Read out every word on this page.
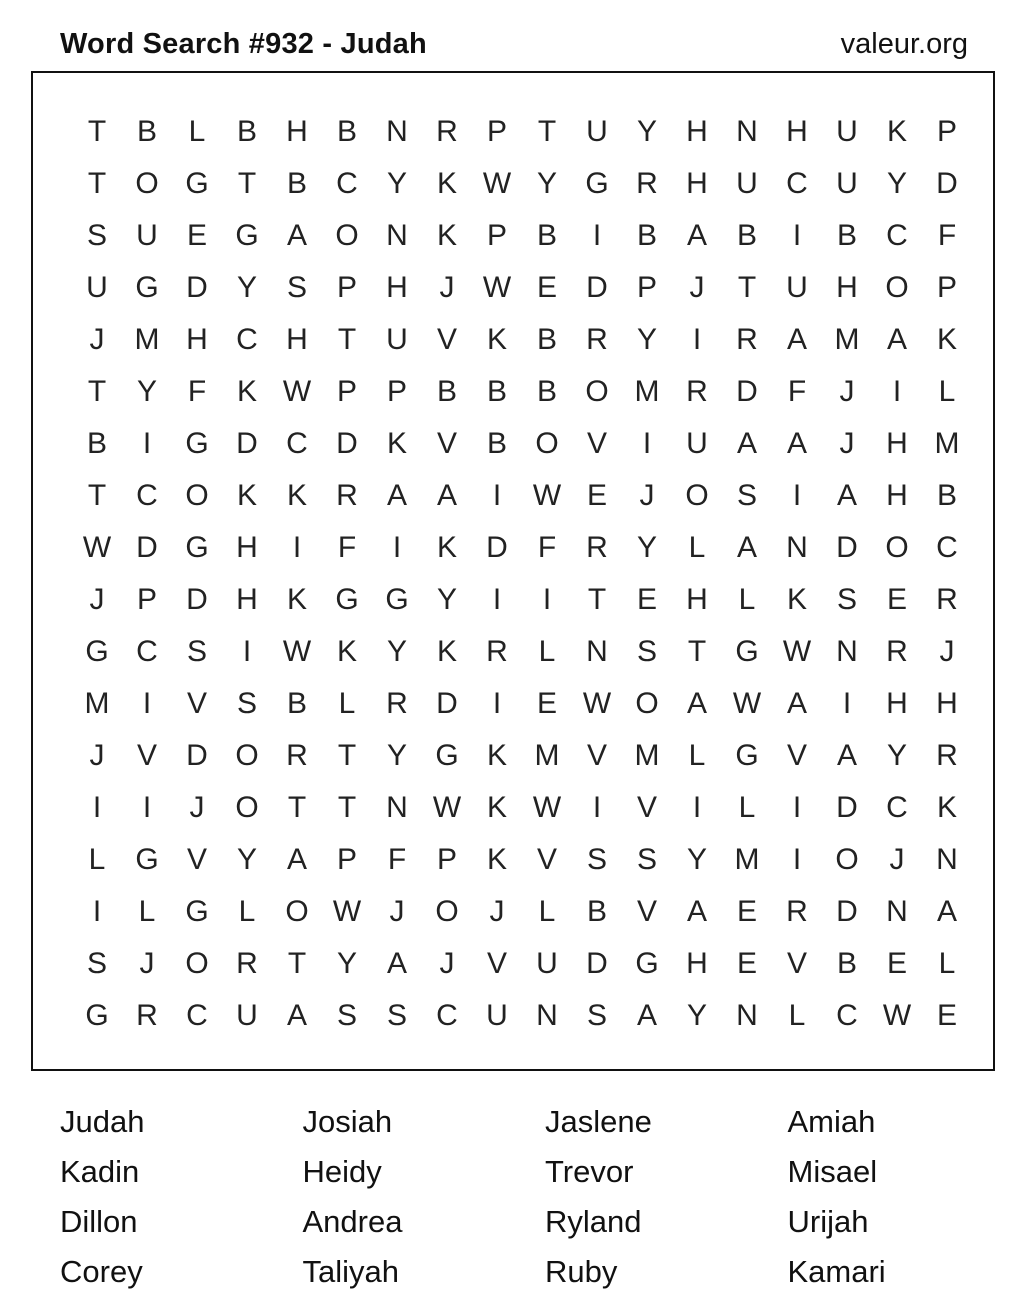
Word Search #932 - Judah	valeur.org
T	B	L	B H B N R P	T	U Y H N H U K P
T O G T	B C Y K W Y G R H U C U Y D
S U E G A O N K P B	I	B A B	I	B C	F
U G D Y S P H	J W E D P	J	T	U H O P
J	M H C H	T	U V K B R Y	I	R A M A K
T	Y	F	K W P P B B B O M R D	F	J	I	L
B	I	G D C D K V B O V	I	U A A	J	H M
T	C O K K R A A	I	W E	J	O S	I	A H B
W D G H	I	F	I	K D	F	R Y	L	A N D O C
J	P D H K G G Y	I	I	T	E H	L	K S E R
G C S	I	W K Y K R	L	N S	T G W N R	J
M	I	V S B	L	R D	I	E W O A W A	I	H H
J	V D O R	T	Y G K M V M L G V A Y R
I	I	J	O T	T	N W K W	I	V	I	L	I	D C K
L G V Y A P	F	P K V S S Y M	I	O	J	N
I	L G L O W J	O	J	L	B V A E R D N A
S	J	O R	T	Y A	J	V U D G H E V B E	L
G R C U A S S C U N S A Y N	L	C W E
Judah	Josiah	Jaslene	Amiah
Kadin	Heidy	Trevor	Misael
Dillon	Andrea	Ryland	Urijah
Corey	Taliyah	Ruby	Kamari
